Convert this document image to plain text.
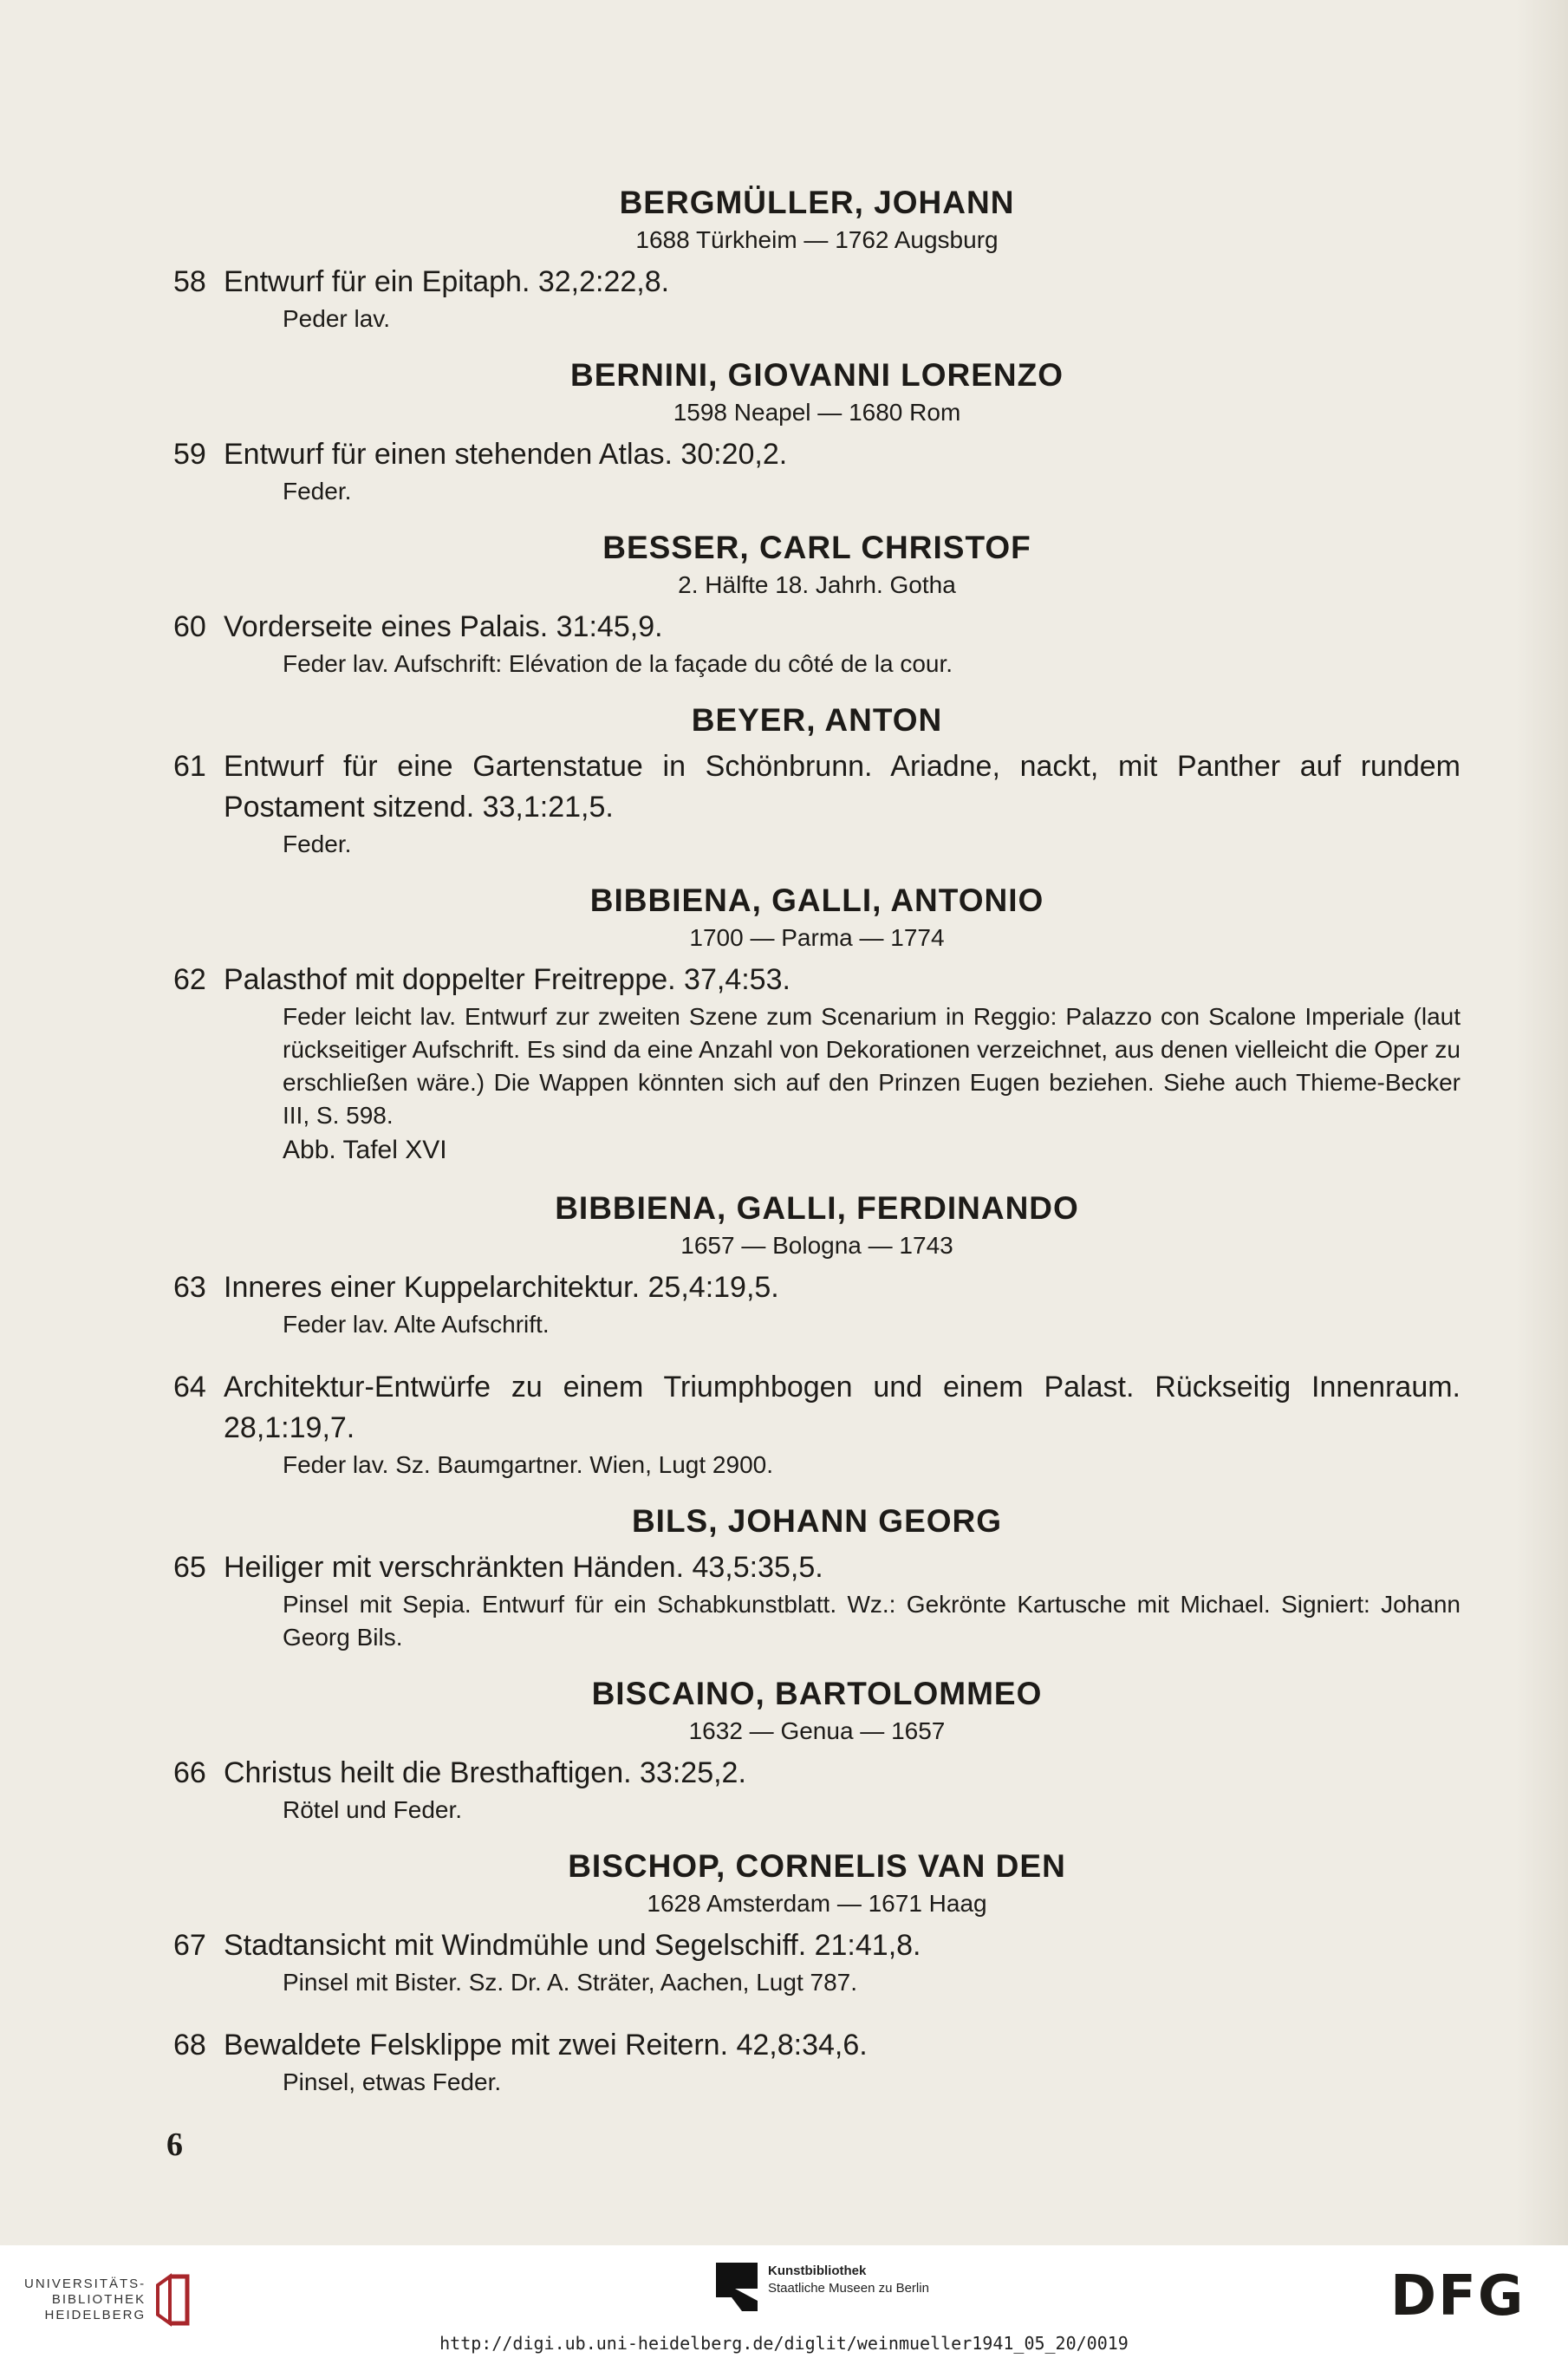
BERGMÜLLER, JOHANN
1688 Türkheim — 1762 Augsburg
58 Entwurf für ein Epitaph. 32,2:22,8.
Peder lav.
BERNINI, GIOVANNI LORENZO
1598 Neapel — 1680 Rom
59 Entwurf für einen stehenden Atlas. 30:20,2.
Feder.
BESSER, CARL CHRISTOF
2. Hälfte 18. Jahrh. Gotha
60 Vorderseite eines Palais. 31:45,9.
Feder lav. Aufschrift: Elévation de la façade du côté de la cour.
BEYER, ANTON
61 Entwurf für eine Gartenstatue in Schönbrunn. Ariadne, nackt, mit Panther auf rundem Postament sitzend. 33,1:21,5.
Feder.
BIBBIENA, GALLI, ANTONIO
1700 — Parma — 1774
62 Palasthof mit doppelter Freitreppe. 37,4:53.
Feder leicht lav. Entwurf zur zweiten Szene zum Scenarium in Reggio: Palazzo con Scalone Imperiale (laut rückseitiger Aufschrift. Es sind da eine Anzahl von Dekorationen verzeichnet, aus denen vielleicht die Oper zu erschließen wäre.) Die Wappen könnten sich auf den Prinzen Eugen beziehen. Siehe auch Thieme-Becker III, S. 598.
Abb. Tafel XVI
BIBBIENA, GALLI, FERDINANDO
1657 — Bologna — 1743
63 Inneres einer Kuppelarchitektur. 25,4:19,5.
Feder lav. Alte Aufschrift.
64 Architektur-Entwürfe zu einem Triumphbogen und einem Palast. Rückseitig Innenraum. 28,1:19,7.
Feder lav. Sz. Baumgartner. Wien, Lugt 2900.
BILS, JOHANN GEORG
65 Heiliger mit verschränkten Händen. 43,5:35,5.
Pinsel mit Sepia. Entwurf für ein Schabkunstblatt. Wz.: Gekrönte Kartusche mit Michael. Signiert: Johann Georg Bils.
BISCAINO, BARTOLOMMEO
1632 — Genua — 1657
66 Christus heilt die Bresthaftigen. 33:25,2.
Rötel und Feder.
BISCHOP, CORNELIS VAN DEN
1628 Amsterdam — 1671 Haag
67 Stadtansicht mit Windmühle und Segelschiff. 21:41,8.
Pinsel mit Bister. Sz. Dr. A. Sträter, Aachen, Lugt 787.
68 Bewaldete Felsklippe mit zwei Reitern. 42,8:34,6.
Pinsel, etwas Feder.
6
UNIVERSITÄTS-
BIBLIOTHEK
HEIDELBERG
Kunstbibliothek
Staatliche Museen zu Berlin	DFG
http://digi.ub.uni-heidelberg.de/diglit/weinmueller1941_05_20/0019
